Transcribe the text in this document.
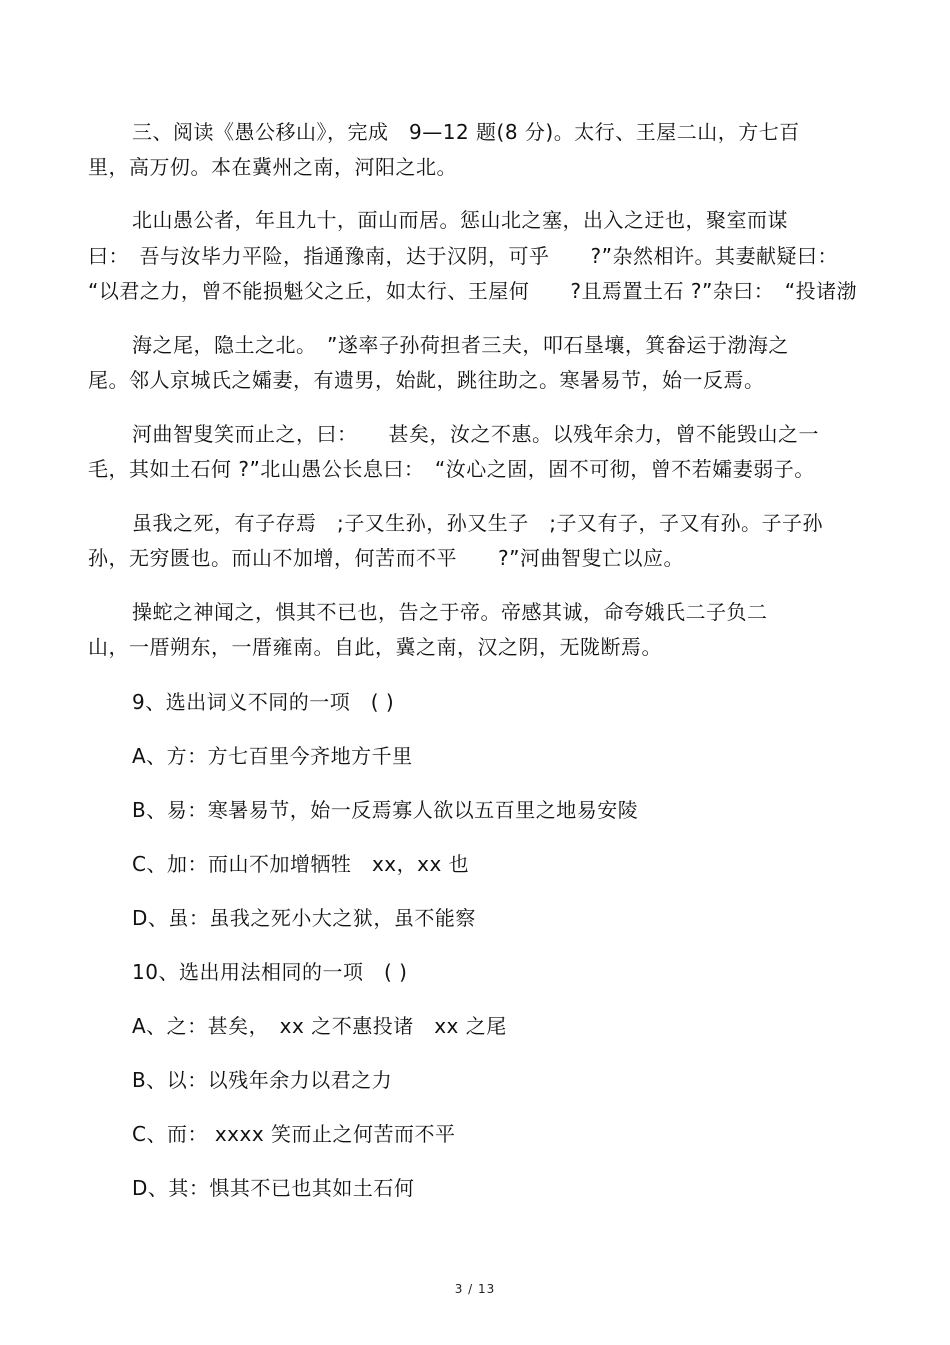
三、阅读《愚公移山》，完成　9—12 题(8 分)。太行、王屋二山，方七百
里，高万仞。本在冀州之南，河阳之北。
北山愚公者，年且九十，面山而居。惩山北之塞，出入之迂也，聚室而谋
曰：　吾与汝毕力平险，指通豫南，达于汉阴，可乎　　?”杂然相许。其妻献疑曰：
“以君之力，曾不能损魁父之丘，如太行、王屋何　　?且焉置土石 ?”杂曰：　“投诸渤
海之尾，隐土之北。　”遂率子孙荷担者三夫，叩石垦壤，箕畚运于渤海之
尾。邻人京城氏之孀妻，有遗男，始龀，跳往助之。寒暑易节，始一反焉。
河曲智叟笑而止之，曰：　　甚矣，汝之不惠。以残年余力，曾不能毁山之一
毛，其如土石何 ?”北山愚公长息曰：　“汝心之固，固不可彻，曾不若孀妻弱子。
虽我之死，有子存焉　;子又生孙，孙又生子　;子又有子，子又有孙。子子孙
孙，无穷匮也。而山不加增，何苦而不平　　?”河曲智叟亡以应。
操蛇之神闻之，惧其不已也，告之于帝。帝感其诚，命夸娥氏二子负二
山，一厝朔东，一厝雍南。自此，冀之南，汉之阴，无陇断焉。
9、选出词义不同的一项　( )
A、方：方七百里今齐地方千里
B、易：寒暑易节，始一反焉寡人欲以五百里之地易安陵
C、加：而山不加增牺牲　xx，xx 也
D、虽：虽我之死小大之狱，虽不能察
10、选出用法相同的一项　( )
A、之：甚矣，　xx 之不惠投诸　xx 之尾
B、以：以残年余力以君之力
C、而： xxxx 笑而止之何苦而不平
D、其：惧其不已也其如土石何
3 / 13
